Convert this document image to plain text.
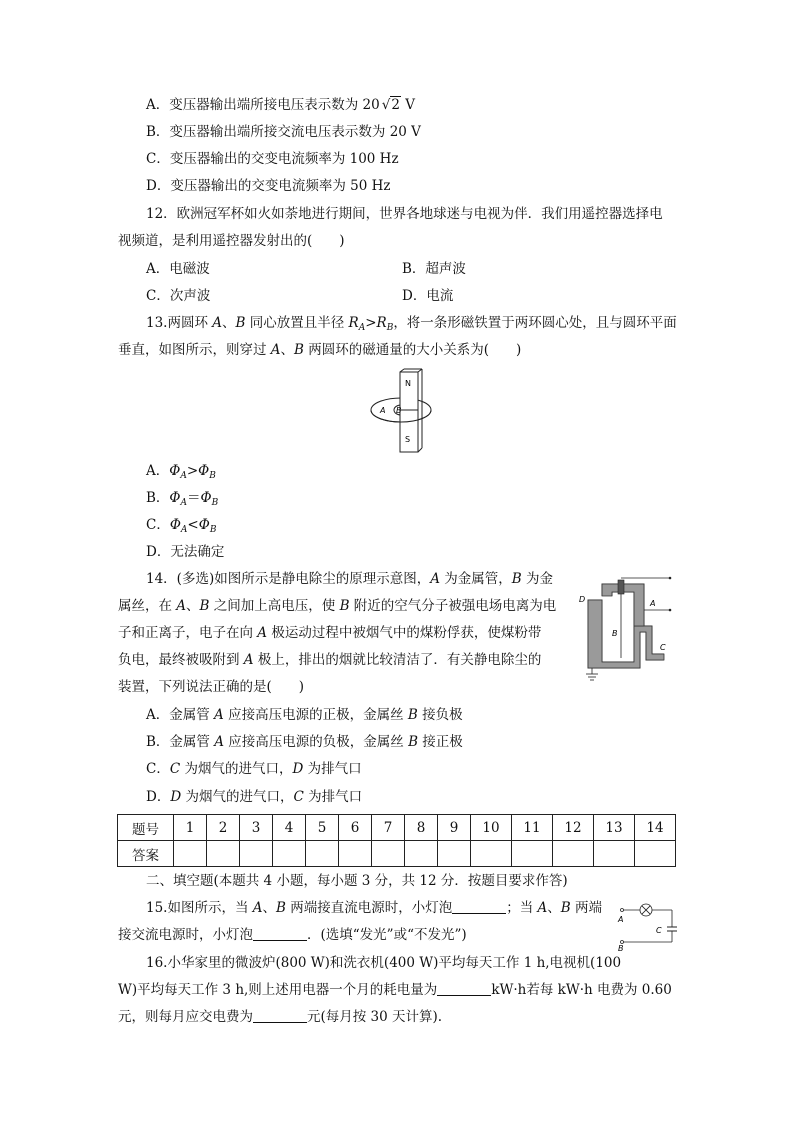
A．变压器输出端所接电压表示数为 20 √2 V
B．变压器输出端所接交流电压表示数为 20 V
C．变压器输出的交变电流频率为 100 Hz
D．变压器输出的交变电流频率为 50 Hz
12．欧洲冠军杯如火如荼地进行期间，世界各地球迷与电视为伴．我们用遥控器选择电
视频道，是利用遥控器发射出的(　　)
A．电磁波	B．超声波
C．次声波	D．电流
13.两圆环 A、B 同心放置且半径 $R_A>R_B$，将一条形磁铁置于两环圆心处，且与圆环平面
垂直，如图所示，则穿过 A、B 两圆环的磁通量的大小关系为(　　)
N
S
A B
A．$\Phi_A>\Phi_B$
B．$\Phi_A=\Phi_B$
C．$\Phi_A<\Phi_B$
D．无法确定
14．(多选)如图所示是静电除尘的原理示意图，A 为金属管，B 为金
属丝，在 A、B 之间加上高电压，使 B 附近的空气分子被强电场电离为电
子和正离子，电子在向 A 极运动过程中被烟气中的煤粉俘获，使煤粉带
负电，最终被吸附到 A 极上，排出的烟就比较清洁了．有关静电除尘的
装置，下列说法正确的是(　　)
D	A
B
C
A．金属管 A 应接高压电源的正极，金属丝 B 接负极
B．金属管 A 应接高压电源的负极，金属丝 B 接正极
C．C 为烟气的进气口，D 为排气口
D．D 为烟气的进气口，C 为排气口
题号	1	2	3	4	5	6	7	8	9	10	11	12	13	14
答案														
二、填空题(本题共 4 小题，每小题 3 分，共 12 分．按题目要求作答)
15.如图所示，当 A、B 两端接直流电源时，小灯泡	；当 A、B 两端
接交流电源时，小灯泡	．(选填“发光”或“不发光”)
A
B
C
16.小华家里的微波炉(800 W)和洗衣机(400 W)平均每天工作 1 h,电视机(100
W)平均每天工作 3 h,则上述用电器一个月的耗电量为	kW·h若每 kW·h 电费为 0.60
元，则每月应交电费为	元(每月按 30 天计算).
